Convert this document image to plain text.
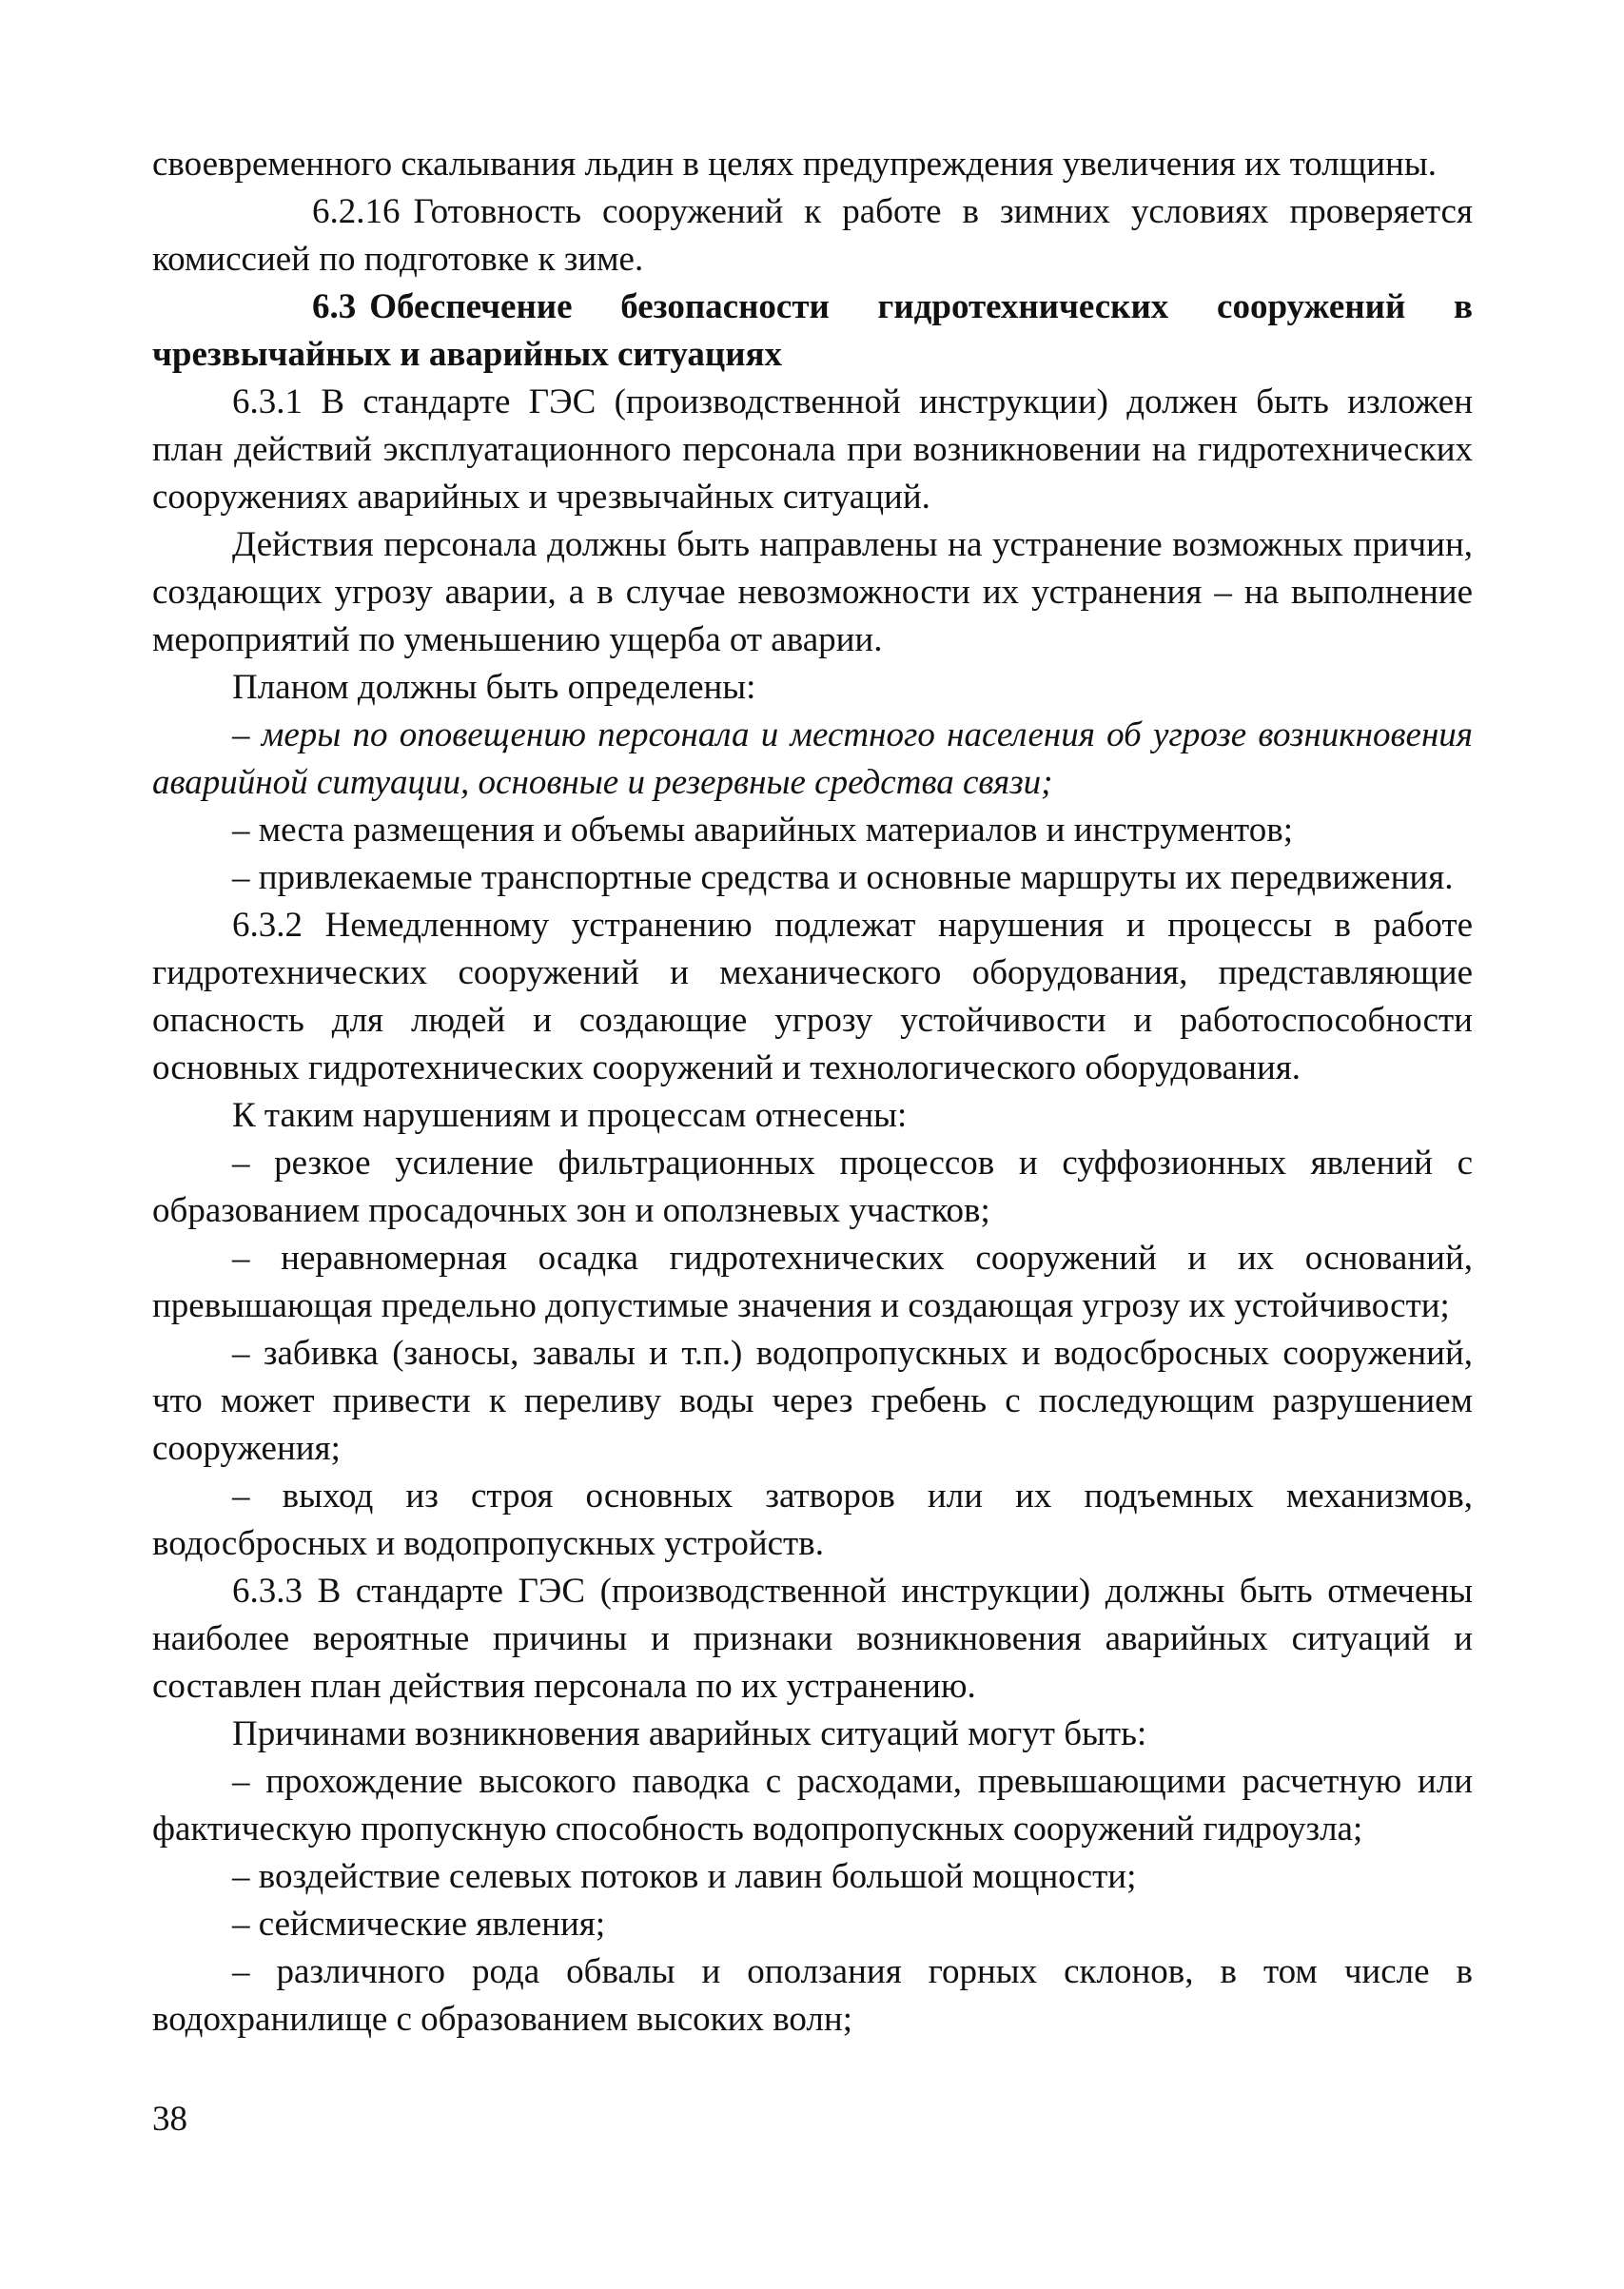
своевременного скалывания льдин в целях предупреждения увеличения их толщины.

6.2.16 Готовность сооружений к работе в зимних условиях проверяется комиссией по подготовке к зиме.

6.3 Обеспечение безопасности гидротехнических сооружений в чрезвычайных и аварийных ситуациях

6.3.1 В стандарте ГЭС (производственной инструкции) должен быть изложен план действий эксплуатационного персонала при возникновении на гидротехнических сооружениях аварийных и чрезвычайных ситуаций.

Действия персонала должны быть направлены на устранение возможных причин, создающих угрозу аварии, а в случае невозможности их устранения – на выполнение мероприятий по уменьшению ущерба от аварии.

Планом должны быть определены:

– меры по оповещению персонала и местного населения об угрозе возникновения аварийной ситуации, основные и резервные средства связи;

– места размещения и объемы аварийных материалов и инструментов;

– привлекаемые транспортные средства и основные маршруты их передвижения.

6.3.2 Немедленному устранению подлежат нарушения и процессы в работе гидротехнических сооружений и механического оборудования, представляющие опасность для людей и создающие угрозу устойчивости и работоспособности основных гидротехнических сооружений и технологического оборудования.

К таким нарушениям и процессам отнесены:

– резкое усиление фильтрационных процессов и суффозионных явлений с образованием просадочных зон и оползневых участков;

– неравномерная осадка гидротехнических сооружений и их оснований, превышающая предельно допустимые значения и создающая угрозу их устойчивости;

– забивка (заносы, завалы и т.п.) водопропускных и водосбросных сооружений, что может привести к переливу воды через гребень с последующим разрушением сооружения;

– выход из строя основных затворов или их подъемных механизмов, водосбросных и водопропускных устройств.

6.3.3 В стандарте ГЭС (производственной инструкции) должны быть отмечены наиболее вероятные причины и признаки возникновения аварийных ситуаций и составлен план действия персонала по их устранению.

Причинами возникновения аварийных ситуаций могут быть:

– прохождение высокого паводка с расходами, превышающими расчетную или фактическую пропускную способность водопропускных сооружений гидроузла;

– воздействие селевых потоков и лавин большой мощности;

– сейсмические явления;

– различного рода обвалы и оползания горных склонов, в том числе в водохранилище с образованием высоких волн;

38
